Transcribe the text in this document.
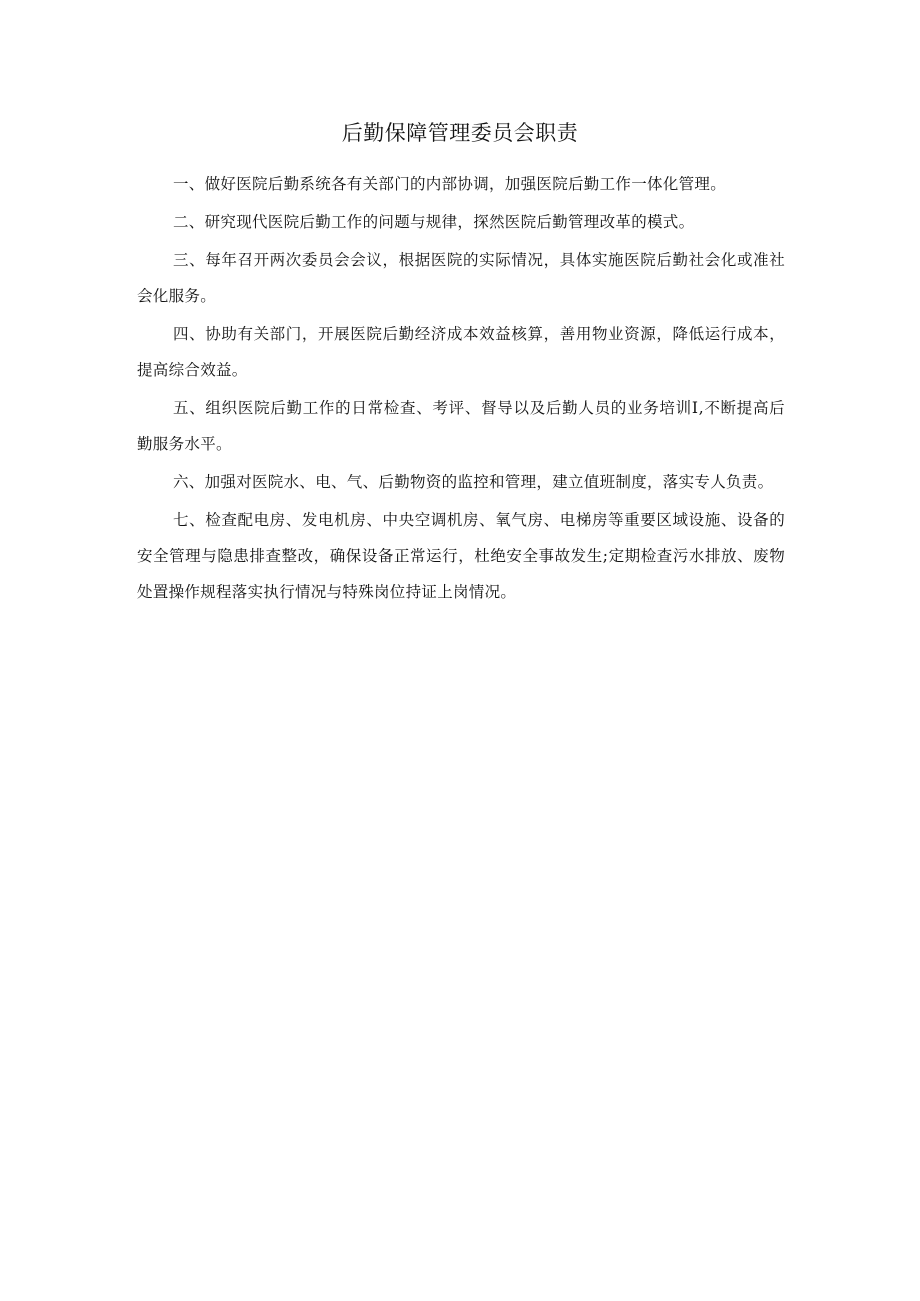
后勤保障管理委员会职责

一、做好医院后勤系统各有关部门的内部协调，加强医院后勤工作一体化管理。

二、研究现代医院后勤工作的问题与规律，探然医院后勤管理改革的模式。

三、每年召开两次委员会会议，根据医院的实际情况，具体实施医院后勤社会化或准社会化服务。

四、协助有关部门，开展医院后勤经济成本效益核算，善用物业资源，降低运行成本，提高综合效益。

五、组织医院后勤工作的日常检查、考评、督导以及后勤人员的业务培训Ⅰ,不断提高后勤服务水平。

六、加强对医院水、电、气、后勤物资的监控和管理，建立值班制度，落实专人负责。

七、检查配电房、发电机房、中央空调机房、氧气房、电梯房等重要区域设施、设备的安全管理与隐患排查整改，确保设备正常运行，杜绝安全事故发生;定期检查污水排放、废物处置操作规程落实执行情况与特殊岗位持证上岗情况。
